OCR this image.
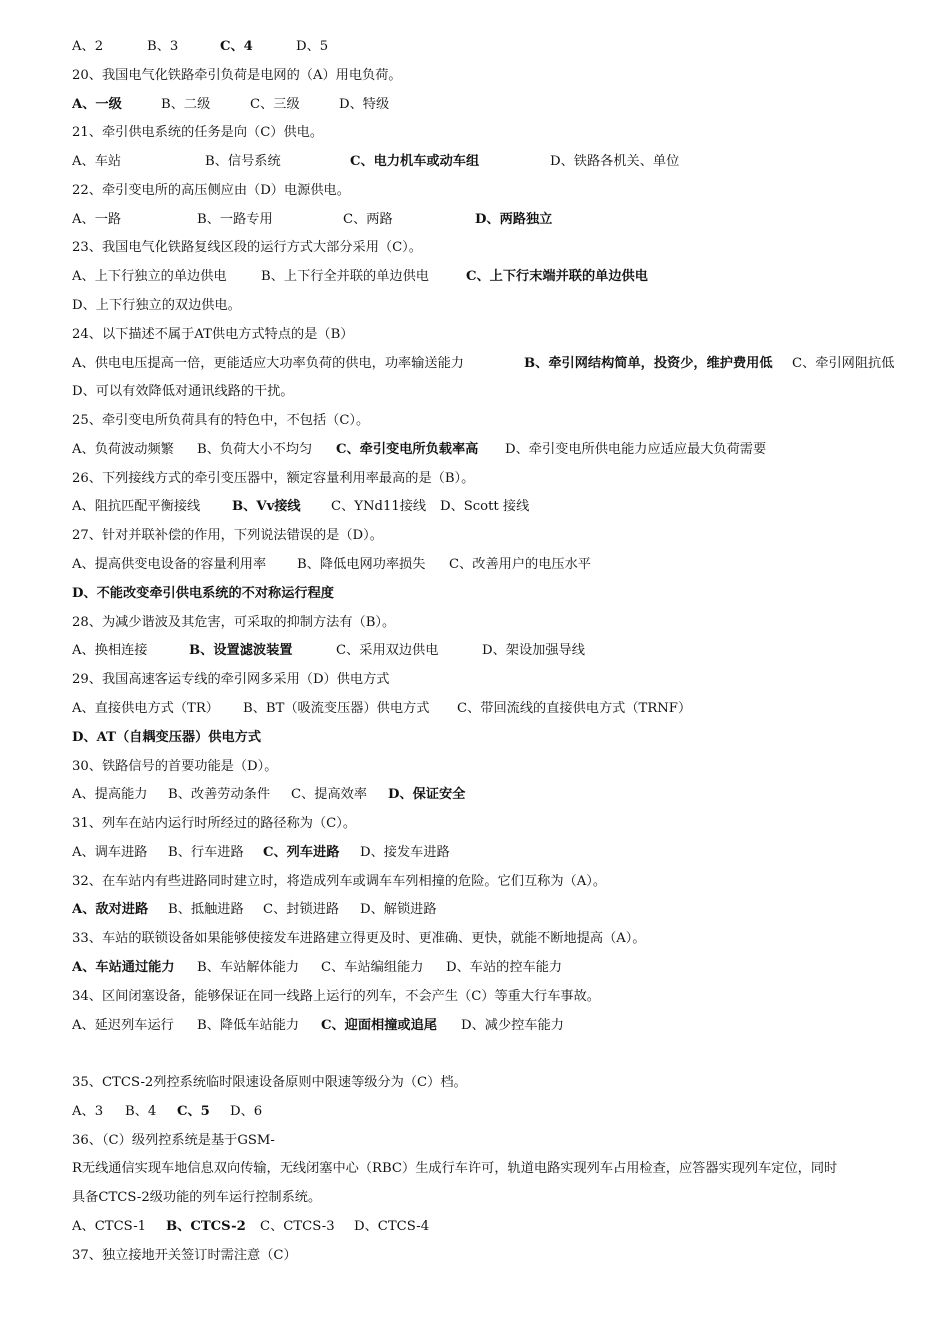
A、2	B、3	C、4	D、5
20、我国电气化铁路牵引负荷是电网的（A）用电负荷。
A、一级	B、二级	C、三级	D、特级
21、牵引供电系统的任务是向（C）供电。
A、车站	B、信号系统	C、电力机车或动车组	D、铁路各机关、单位
22、牵引变电所的高压侧应由（D）电源供电。
A、一路	B、一路专用	C、两路	D、两路独立
23、我国电气化铁路复线区段的运行方式大部分采用（C）。
A、上下行独立的单边供电	B、上下行全并联的单边供电	C、上下行末端并联的单边供电
D、上下行独立的双边供电。
24、以下描述不属于AT供电方式特点的是（B）
A、供电电压提高一倍，更能适应大功率负荷的供电，功率输送能力	B、牵引网结构简单，投资少，维护费用低 C、牵引网阻抗低
D、可以有效降低对通讯线路的干扰。
25、牵引变电所负荷具有的特色中，不包括（C）。
A、负荷波动频繁 B、负荷大小不均匀 C、牵引变电所负载率高 D、牵引变电所供电能力应适应最大负荷需要
26、下列接线方式的牵引变压器中，额定容量利用率最高的是（B）。
A、阻抗匹配平衡接线 B、Vv接线 C、YNd11接线 D、Scott 接线
27、针对并联补偿的作用，下列说法错误的是（D）。
A、提高供变电设备的容量利用率 B、降低电网功率损失 C、改善用户的电压水平
D、不能改变牵引供电系统的不对称运行程度
28、为减少谐波及其危害，可采取的抑制方法有（B）。
A、换相连接	B、设置滤波装置	C、采用双边供电	D、架设加强导线
29、我国高速客运专线的牵引网多采用（D）供电方式
A、直接供电方式（TR） B、BT（吸流变压器）供电方式 C、带回流线的直接供电方式（TRNF）
D、AT（自耦变压器）供电方式
30、铁路信号的首要功能是（D）。
A、提高能力 B、改善劳动条件 C、提高效率 D、保证安全
31、列车在站内运行时所经过的路径称为（C）。
A、调车进路 B、行车进路 C、列车进路 D、接发车进路
32、在车站内有些进路同时建立时，将造成列车或调车车列相撞的危险。它们互称为（A）。
A、敌对进路 B、抵触进路 C、封锁进路 D、解锁进路
33、车站的联锁设备如果能够使接发车进路建立得更及时、更准确、更快，就能不断地提高（A）。
A、车站通过能力 B、车站解体能力 C、车站编组能力 D、车站的控车能力
34、区间闭塞设备，能够保证在同一线路上运行的列车，不会产生（C）等重大行车事故。
A、延迟列车运行 B、降低车站能力 C、迎面相撞或追尾 D、减少控车能力
35、CTCS-2列控系统临时限速设备原则中限速等级分为（C）档。
A、3 B、4 C、5 D、6
36、（C）级列控系统是基于GSM-
R无线通信实现车地信息双向传输，无线闭塞中心（RBC）生成行车许可，轨道电路实现列车占用检查，应答器实现列车定位，同时
具备CTCS-2级功能的列车运行控制系统。
A、CTCS-1 B、CTCS-2 C、CTCS-3 D、CTCS-4
37、独立接地开关签订时需注意（C）
